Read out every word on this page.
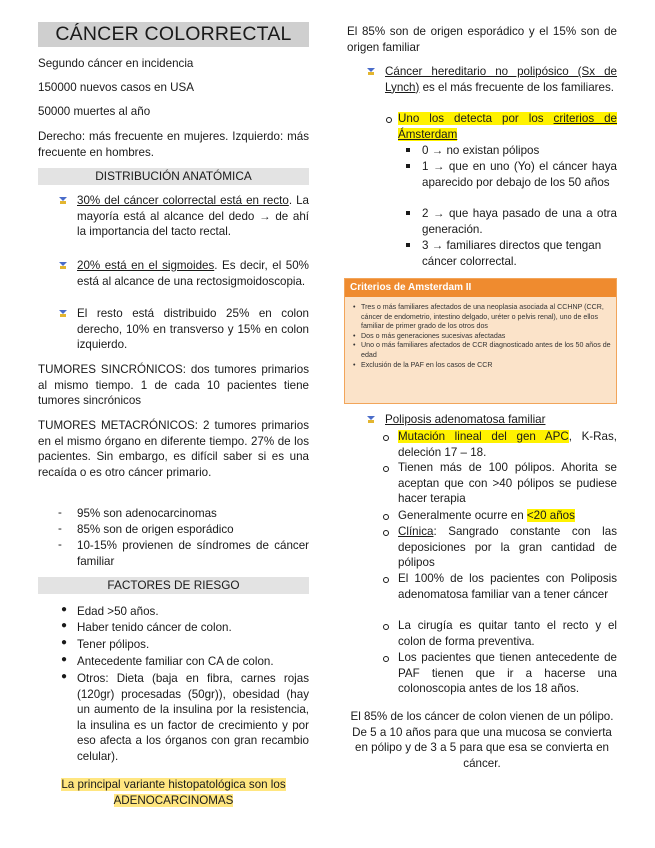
CÁNCER COLORRECTAL
Segundo cáncer en incidencia
150000 nuevos casos en USA
50000 muertes al año
Derecho: más frecuente en mujeres. Izquierdo: más frecuente en hombres.
DISTRIBUCIÓN ANATÓMICA
30% del cáncer colorrectal está en recto. La mayoría está al alcance del dedo → de ahí la importancia del tacto rectal.
20% está en el sigmoides. Es decir, el 50% está al alcance de una rectosigmoidoscopia.
El resto está distribuido 25% en colon derecho, 10% en transverso y 15% en colon izquierdo.
TUMORES SINCRÓNICOS: dos tumores primarios al mismo tiempo. 1 de cada 10 pacientes tiene tumores sincrónicos
TUMORES METACRÓNICOS: 2 tumores primarios en el mismo órgano en diferente tiempo. 27% de los pacientes. Sin embargo, es difícil saber si es una recaída o es otro cáncer primario.
- 95% son adenocarcinomas
- 85% son de origen esporádico
- 10-15% provienen de síndromes de cáncer familiar
FACTORES DE RIESGO
● Edad >50 años.
● Haber tenido cáncer de colon.
● Tener pólipos.
● Antecedente familiar con CA de colon.
● Otros: Dieta (baja en fibra, carnes rojas (120gr) procesadas (50gr)), obesidad (hay un aumento de la insulina por la resistencia, la insulina es un factor de crecimiento y por eso afecta a los órganos con gran recambio celular).
La principal variante histopatológica son los ADENOCARCINOMAS
El 85% son de origen esporádico y el 15% son de origen familiar
Cáncer hereditario no polipósico (Sx de Lynch) es el más frecuente de los familiares.
Uno los detecta por los criterios de Ámsterdam
0 → no existan pólipos
1 → que en uno (Yo) el cáncer haya aparecido por debajo de los 50 años
2 → que haya pasado de una a otra generación.
3 → familiares directos que tengan cáncer colorrectal.
Criterios de Amsterdam II
• Tres o más familiares afectados de una neoplasia asociada al CCHNP (CCR, cáncer de endometrio, intestino delgado, uréter o pelvis renal), uno de ellos familiar de primer grado de los otros dos
• Dos o más generaciones sucesivas afectadas
• Uno o más familiares afectados de CCR diagnosticado antes de los 50 años de edad
• Exclusión de la PAF en los casos de CCR
Poliposis adenomatosa familiar
Mutación lineal del gen APC, K-Ras, deleción 17 – 18.
Tienen más de 100 pólipos. Ahorita se aceptan que con >40 pólipos se pudiese hacer terapia
Generalmente ocurre en <20 años
Clínica: Sangrado constante con las deposiciones por la gran cantidad de pólipos
El 100% de los pacientes con Poliposis adenomatosa familiar van a tener cáncer
La cirugía es quitar tanto el recto y el colon de forma preventiva.
Los pacientes que tienen antecedente de PAF tienen que ir a hacerse una colonoscopia antes de los 18 años.
El 85% de los cáncer de colon vienen de un pólipo. De 5 a 10 años para que una mucosa se convierta en pólipo y de 3 a 5 para que esa se convierta en cáncer.
